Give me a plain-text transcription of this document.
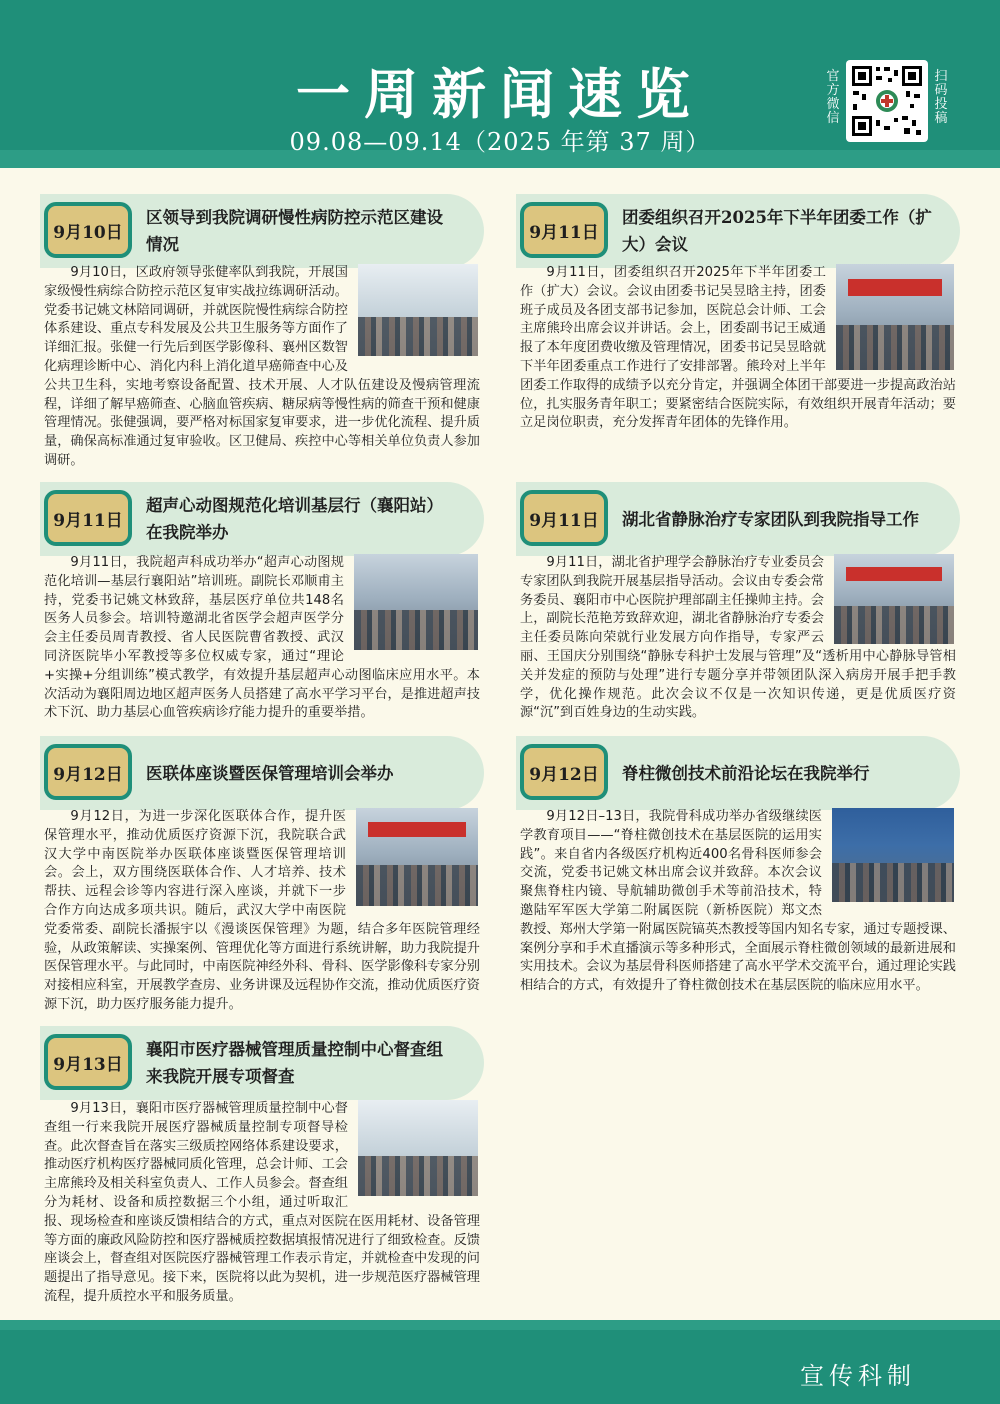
一周新闻速览
09.08—09.14（2025 年第 37 周）
官方微信
扫码投稿
9月10日
区领导到我院调研慢性病防控示范区建设情况
9月10日，区政府领导张健率队到我院，开展国家级慢性病综合防控示范区复审实战拉练调研活动。党委书记姚文林陪同调研，并就医院慢性病综合防控体系建设、重点专科发展及公共卫生服务等方面作了详细汇报。张健一行先后到医学影像科、襄州区数智化病理诊断中心、消化内科上消化道早癌筛查中心及公共卫生科，实地考察设备配置、技术开展、人才队伍建设及慢病管理流程，详细了解早癌筛查、心脑血管疾病、糖尿病等慢性病的筛查干预和健康管理情况。张健强调，要严格对标国家复审要求，进一步优化流程、提升质量，确保高标准通过复审验收。区卫健局、疾控中心等相关单位负责人参加调研。
9月11日
团委组织召开2025年下半年团委工作（扩大）会议
9月11日，团委组织召开2025年下半年团委工作（扩大）会议。会议由团委书记吴昱晗主持，团委班子成员及各团支部书记参加，医院总会计师、工会主席熊玲出席会议并讲话。会上，团委副书记王威通报了本年度团费收缴及管理情况，团委书记吴昱晗就下半年团委重点工作进行了安排部署。熊玲对上半年团委工作取得的成绩予以充分肯定，并强调全体团干部要进一步提高政治站位，扎实服务青年职工；要紧密结合医院实际，有效组织开展青年活动；要立足岗位职责，充分发挥青年团体的先锋作用。
9月11日
超声心动图规范化培训基层行（襄阳站）在我院举办
9月11日，我院超声科成功举办“超声心动图规范化培训—基层行襄阳站”培训班。副院长邓顺甫主持，党委书记姚文林致辞，基层医疗单位共148名医务人员参会。培训特邀湖北省医学会超声医学分会主任委员周青教授、省人民医院曹省教授、武汉同济医院毕小军教授等多位权威专家，通过“理论+实操+分组训练”模式教学，有效提升基层超声心动图临床应用水平。本次活动为襄阳周边地区超声医务人员搭建了高水平学习平台，是推进超声技术下沉、助力基层心血管疾病诊疗能力提升的重要举措。
9月11日	湖北省静脉治疗专家团队到我院指导工作
9月11日，湖北省护理学会静脉治疗专业委员会专家团队到我院开展基层指导活动。会议由专委会常务委员、襄阳市中心医院护理部副主任操帅主持。会上，副院长范艳芳致辞欢迎，湖北省静脉治疗专委会主任委员陈向荣就行业发展方向作指导，专家严云丽、王国庆分别围绕“静脉专科护士发展与管理”及“透析用中心静脉导管相关并发症的预防与处理”进行专题分享并带领团队深入病房开展手把手教学，优化操作规范。此次会议不仅是一次知识传递，更是优质医疗资源“沉”到百姓身边的生动实践。
9月12日	医联体座谈暨医保管理培训会举办
9月12日，为进一步深化医联体合作，提升医保管理水平，推动优质医疗资源下沉，我院联合武汉大学中南医院举办医联体座谈暨医保管理培训会。会上，双方围绕医联体合作、人才培养、技术帮扶、远程会诊等内容进行深入座谈，并就下一步合作方向达成多项共识。随后，武汉大学中南医院党委常委、副院长潘振宇以《漫谈医保管理》为题，结合多年医院管理经验，从政策解读、实操案例、管理优化等方面进行系统讲解，助力我院提升医保管理水平。与此同时，中南医院神经外科、骨科、医学影像科专家分别对接相应科室，开展教学查房、业务讲课及远程协作交流，推动优质医疗资源下沉，助力医疗服务能力提升。
9月12日	脊柱微创技术前沿论坛在我院举行
9月12日–13日，我院骨科成功举办省级继续医学教育项目——“脊柱微创技术在基层医院的运用实践”。来自省内各级医疗机构近400名骨科医师参会交流，党委书记姚文林出席会议并致辞。本次会议聚焦脊柱内镜、导航辅助微创手术等前沿技术，特邀陆军军医大学第二附属医院（新桥医院）郑文杰教授、郑州大学第一附属医院镐英杰教授等国内知名专家，通过专题授课、案例分享和手术直播演示等多种形式，全面展示脊柱微创领域的最新进展和实用技术。会议为基层骨科医师搭建了高水平学术交流平台，通过理论实践相结合的方式，有效提升了脊柱微创技术在基层医院的临床应用水平。
9月13日
襄阳市医疗器械管理质量控制中心督查组来我院开展专项督查
9月13日，襄阳市医疗器械管理质量控制中心督查组一行来我院开展医疗器械质量控制专项督导检查。此次督查旨在落实三级质控网络体系建设要求，推动医疗机构医疗器械同质化管理，总会计师、工会主席熊玲及相关科室负责人、工作人员参会。督查组分为耗材、设备和质控数据三个小组，通过听取汇报、现场检查和座谈反馈相结合的方式，重点对医院在医用耗材、设备管理等方面的廉政风险防控和医疗器械质控数据填报情况进行了细致检查。反馈座谈会上，督查组对医院医疗器械管理工作表示肯定，并就检查中发现的问题提出了指导意见。接下来，医院将以此为契机，进一步规范医疗器械管理流程，提升质控水平和服务质量。
宣传科制
